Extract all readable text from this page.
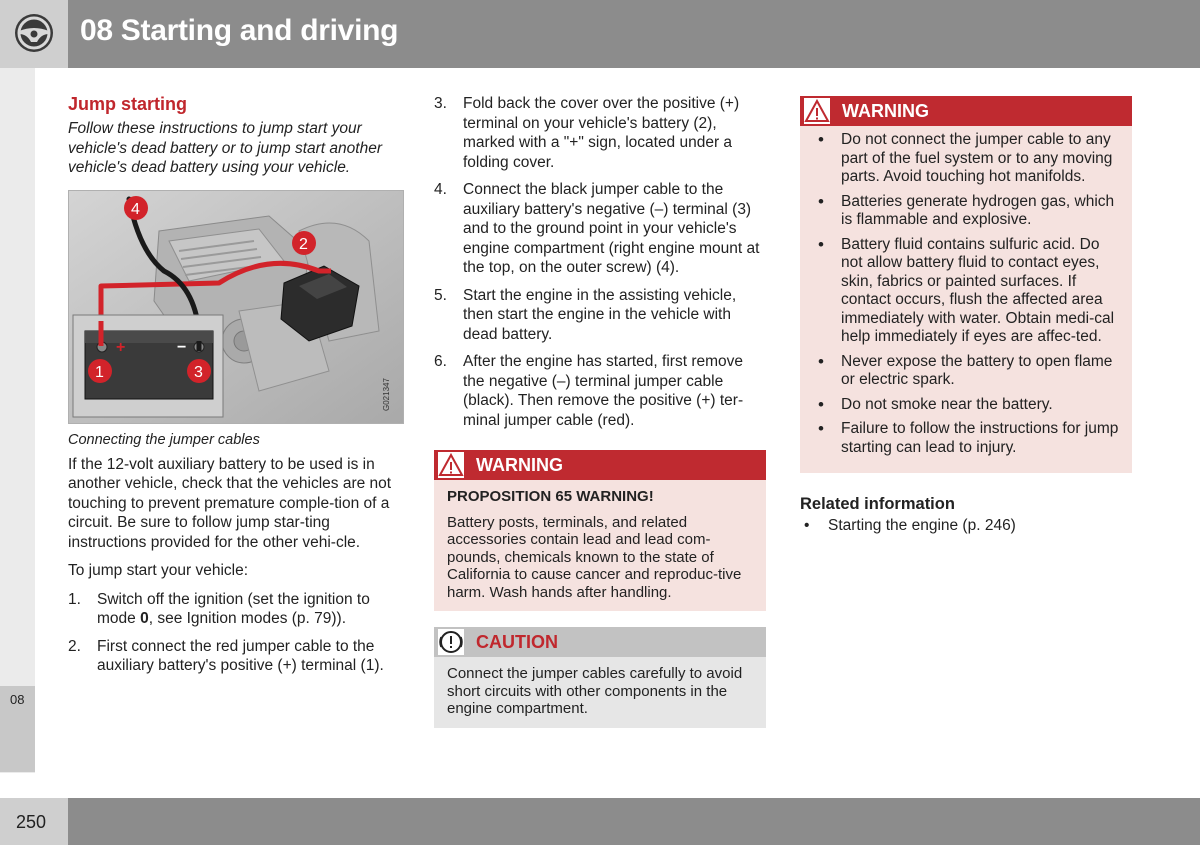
08 Starting and driving
08
250
Jump starting

Follow these instructions to jump start your vehicle's dead battery or to jump start another vehicle's dead battery using your vehicle.

+	−
4
2
1	3
G021347
Connecting the jumper cables

If the 12-volt auxiliary battery to be used is in another vehicle, check that the vehicles are not touching to prevent premature comple-tion of a circuit. Be sure to follow jump star-ting instructions provided for the other vehi-cle.

To jump start your vehicle:

1. Switch off the ignition (set the ignition to mode 0, see Ignition modes (p. 79)).
2. First connect the red jumper cable to the auxiliary battery's positive (+) terminal (1).
3. Fold back the cover over the positive (+) terminal on your vehicle's battery (2), marked with a "+" sign, located under a folding cover.
4. Connect the black jumper cable to the auxiliary battery's negative (–) terminal (3) and to the ground point in your vehicle's engine compartment (right engine mount at the top, on the outer screw) (4).
5. Start the engine in the assisting vehicle, then start the engine in the vehicle with dead battery.
6. After the engine has started, first remove the negative (–) terminal jumper cable (black). Then remove the positive (+) ter-minal jumper cable (red).
WARNING
PROPOSITION 65 WARNING!
Battery posts, terminals, and related accessories contain lead and lead com-pounds, chemicals known to the state of California to cause cancer and reproduc-tive harm. Wash hands after handling.
CAUTION
Connect the jumper cables carefully to avoid short circuits with other components in the engine compartment.
WARNING
• Do not connect the jumper cable to any part of the fuel system or to any moving parts. Avoid touching hot manifolds.
• Batteries generate hydrogen gas, which is flammable and explosive.
• Battery fluid contains sulfuric acid. Do not allow battery fluid to contact eyes, skin, fabrics or painted surfaces. If contact occurs, flush the affected area immediately with water. Obtain medi-cal help immediately if eyes are affec-ted.
• Never expose the battery to open flame or electric spark.
• Do not smoke near the battery.
• Failure to follow the instructions for jump starting can lead to injury.
Related information
• Starting the engine (p. 246)
